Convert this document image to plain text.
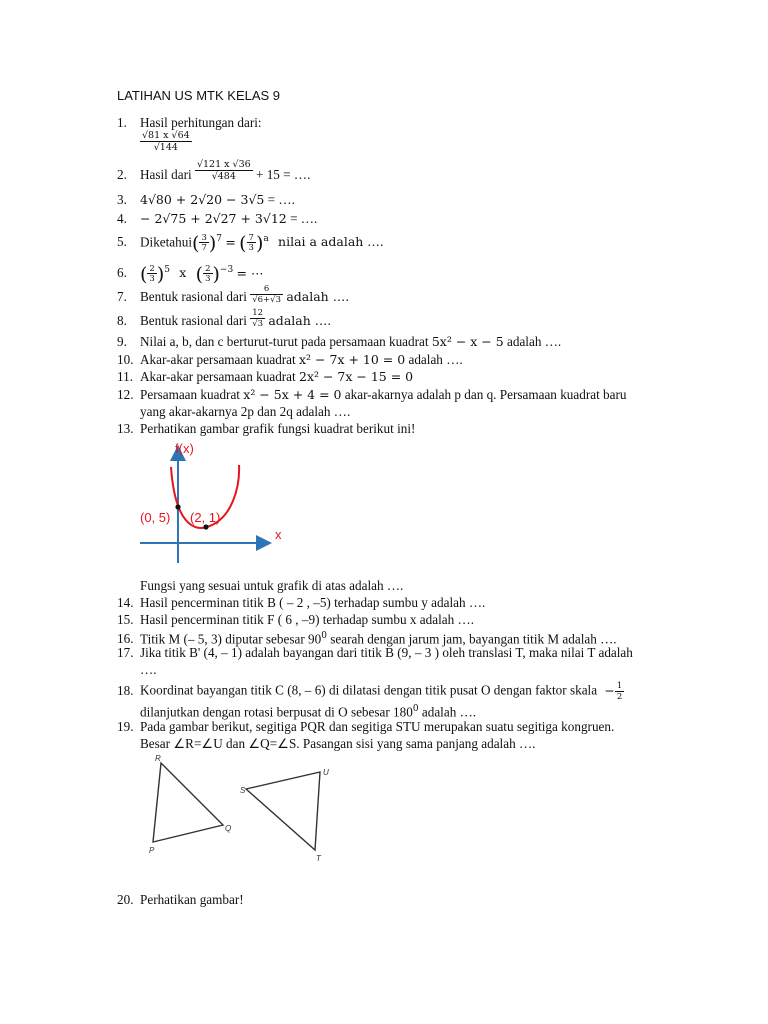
LATIHAN US MTK KELAS 9
1. Hasil perhitungan dari:
$\frac{√81 x √64}{√144}$
2. Hasil dari $\frac{√121 x √36}{√484} + 15$ = ….
3. 4√80 + 2√20 − 3√5 = ….
4. − 2√75 + 2√27 + 3√12 = ….
5. Diketahui( $\frac{3}{7} )^7$ = ( $\frac{7}{3} )^a$ nilai a adalah ….
6. ( $\frac{2}{3} )^5$ x ( $\frac{2}{3} )^{-3}$ = ⋯
7. Bentuk rasional dari $\frac{6}{√6+√3}$ adalah ….
8. Bentuk rasional dari $\frac{12}{√3}$ adalah ….
9. Nilai a, b, dan c berturut-turut pada persamaan kuadrat 5x² − x − 5 adalah ….
10. Akar-akar persamaan kuadrat x² − 7x + 10 = 0 adalah ….
11. Akar-akar persamaan kuadrat 2x² − 7x − 15 = 0
12. Persamaan kuadrat x² − 5x + 4 = 0 akar-akarnya adalah p dan q. Persamaan kuadrat baru
yang akar-akarnya 2p dan 2q adalah ….
13. Perhatikan gambar grafik fungsi kuadrat berikut ini!
f(x)
x
(0, 5) (2, 1)
Fungsi yang sesuai untuk grafik di atas adalah ….
14. Hasil pencerminan titik B ( – 2 , –5) terhadap sumbu y adalah ….
15. Hasil pencerminan titik F ( 6 , –9) terhadap sumbu x adalah ….
16. Titik M (– 5, 3) diputar sebesar $90^0$ searah dengan jarum jam, bayangan titik M adalah ….
17. Jika titik B' (4, – 1) adalah bayangan dari titik B (9, – 3 ) oleh translasi T, maka nilai T adalah
….
18. Koordinat bayangan titik C (8, – 6) di dilatasi dengan titik pusat O dengan faktor skala − $\frac{1}{2}$
dilanjutkan dengan rotasi berpusat di O sebesar $180^0$ adalah ….
19. Pada gambar berikut, segitiga PQR dan segitiga STU merupakan suatu segitiga kongruen.
Besar ∠R=∠U dan ∠Q=∠S. Pasangan sisi yang sama panjang adalah ….
R
Q
P
U
S
T
20. Perhatikan gambar!
